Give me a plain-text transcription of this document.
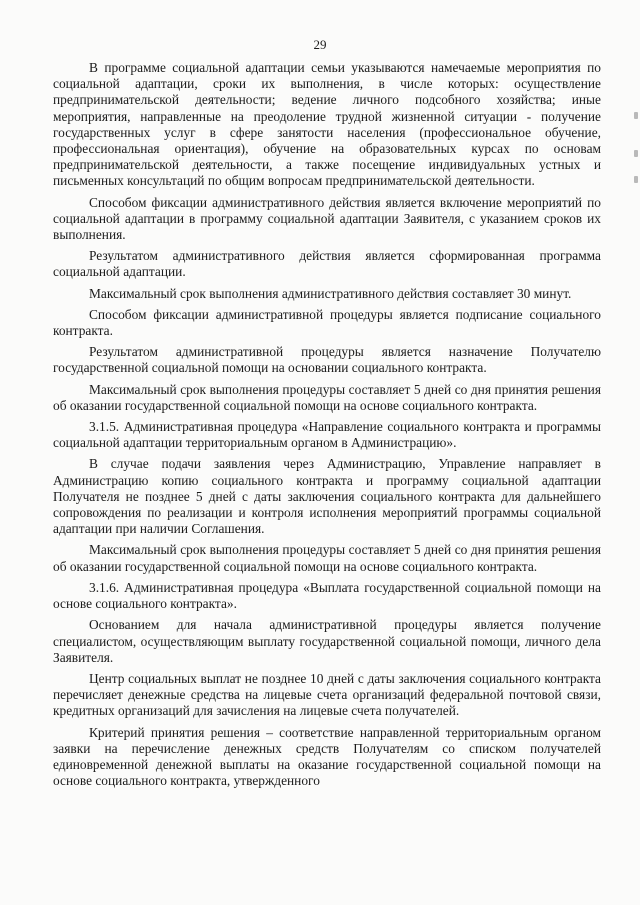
29

В программе социальной адаптации семьи указываются намечаемые мероприятия по социальной адаптации, сроки их выполнения, в числе которых: осуществление предпринимательской деятельности; ведение личного подсобного хозяйства; иные мероприятия, направленные на преодоление трудной жизненной ситуации - получение государственных услуг в сфере занятости населения (профессиональное обучение, профессиональная ориентация), обучение на образовательных курсах по основам предпринимательской деятельности, а также посещение индивидуальных устных и письменных консультаций по общим вопросам предпринимательской деятельности.

Способом фиксации административного действия является включение мероприятий по социальной адаптации в программу социальной адаптации Заявителя, с указанием сроков их выполнения.

Результатом административного действия является сформированная программа социальной адаптации.

Максимальный срок выполнения административного действия составляет 30 минут.

Способом фиксации административной процедуры является подписание социального контракта.

Результатом административной процедуры является назначение Получателю государственной социальной помощи на основании социального контракта.

Максимальный срок выполнения процедуры составляет 5 дней со дня принятия решения об оказании государственной социальной помощи на основе социального контракта.

3.1.5. Административная процедура «Направление социального контракта и программы социальной адаптации территориальным органом в Администрацию».

В случае подачи заявления через Администрацию, Управление направляет в Администрацию копию социального контракта и программу социальной адаптации Получателя не позднее 5 дней с даты заключения социального контракта для дальнейшего сопровождения по реализации и контроля исполнения мероприятий программы социальной адаптации при наличии Соглашения.

Максимальный срок выполнения процедуры составляет 5 дней со дня принятия решения об оказании государственной социальной помощи на основе социального контракта.

3.1.6. Административная процедура «Выплата государственной социальной помощи на основе социального контракта».

Основанием для начала административной процедуры является получение специалистом, осуществляющим выплату государственной социальной помощи, личного дела Заявителя.

Центр социальных выплат не позднее 10 дней с даты заключения социального контракта перечисляет денежные средства на лицевые счета организаций федеральной почтовой связи, кредитных организаций для зачисления на лицевые счета получателей.

Критерий принятия решения – соответствие направленной территориальным органом заявки на перечисление денежных средств Получателям со списком получателей единовременной денежной выплаты на оказание государственной социальной помощи на основе социального контракта, утвержденного
